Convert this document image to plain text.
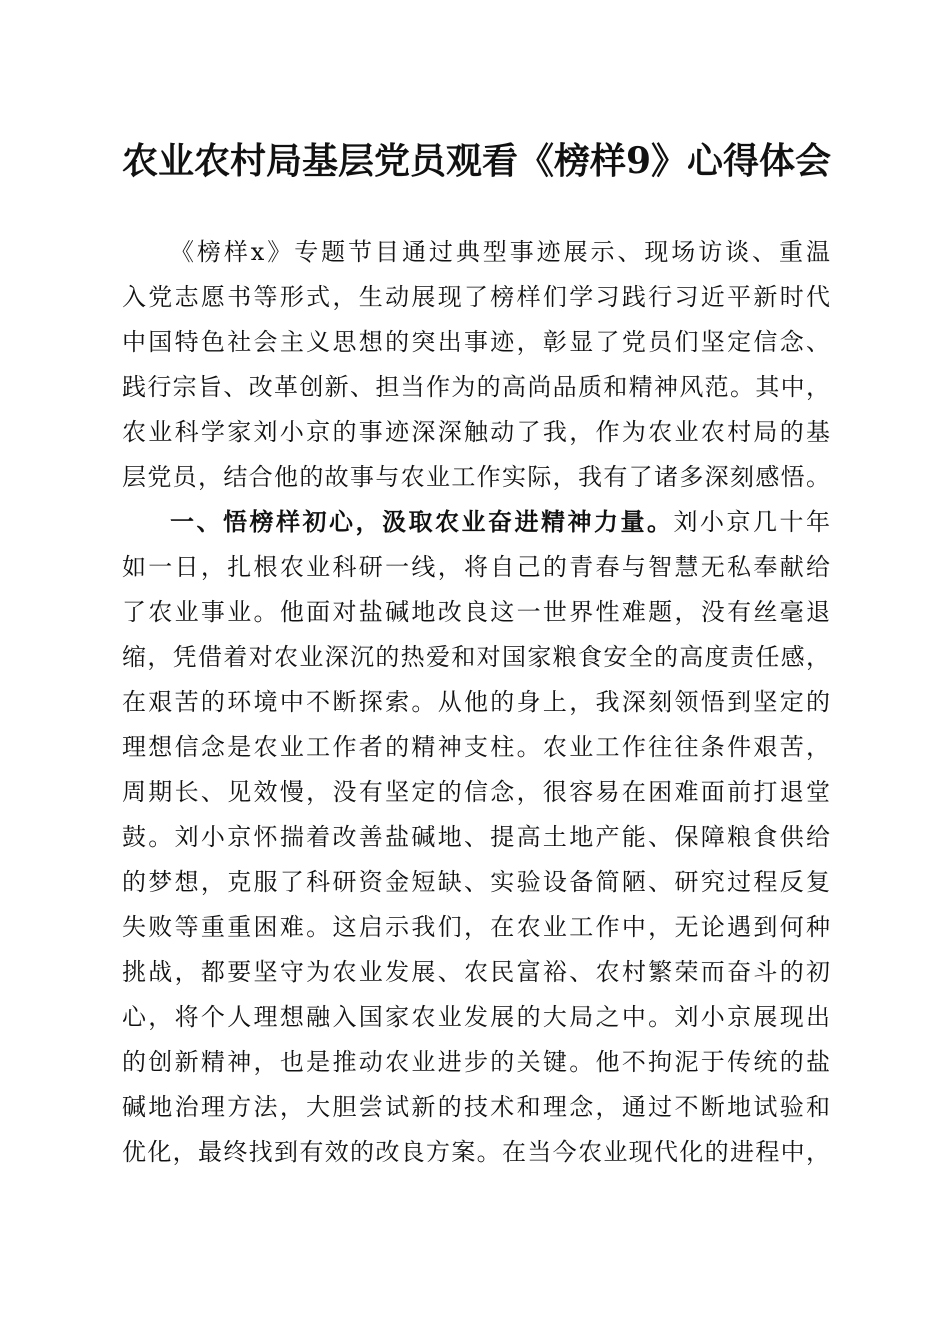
农业农村局基层党员观看《榜样9》心得体会
《榜样x》专题节目通过典型事迹展示、现场访谈、重温
入党志愿书等形式，生动展现了榜样们学习践行习近平新时代
中国特色社会主义思想的突出事迹，彰显了党员们坚定信念、
践行宗旨、改革创新、担当作为的高尚品质和精神风范。其中，
农业科学家刘小京的事迹深深触动了我，作为农业农村局的基
层党员，结合他的故事与农业工作实际，我有了诸多深刻感悟。
一、悟榜样初心，汲取农业奋进精神力量。刘小京几十年
如一日，扎根农业科研一线，将自己的青春与智慧无私奉献给
了农业事业。他面对盐碱地改良这一世界性难题，没有丝毫退
缩，凭借着对农业深沉的热爱和对国家粮食安全的高度责任感，
在艰苦的环境中不断探索。从他的身上，我深刻领悟到坚定的
理想信念是农业工作者的精神支柱。农业工作往往条件艰苦，
周期长、见效慢，没有坚定的信念，很容易在困难面前打退堂
鼓。刘小京怀揣着改善盐碱地、提高土地产能、保障粮食供给
的梦想，克服了科研资金短缺、实验设备简陋、研究过程反复
失败等重重困难。这启示我们，在农业工作中，无论遇到何种
挑战，都要坚守为农业发展、农民富裕、农村繁荣而奋斗的初
心，将个人理想融入国家农业发展的大局之中。刘小京展现出
的创新精神，也是推动农业进步的关键。他不拘泥于传统的盐
碱地治理方法，大胆尝试新的技术和理念，通过不断地试验和
优化，最终找到有效的改良方案。在当今农业现代化的进程中，
